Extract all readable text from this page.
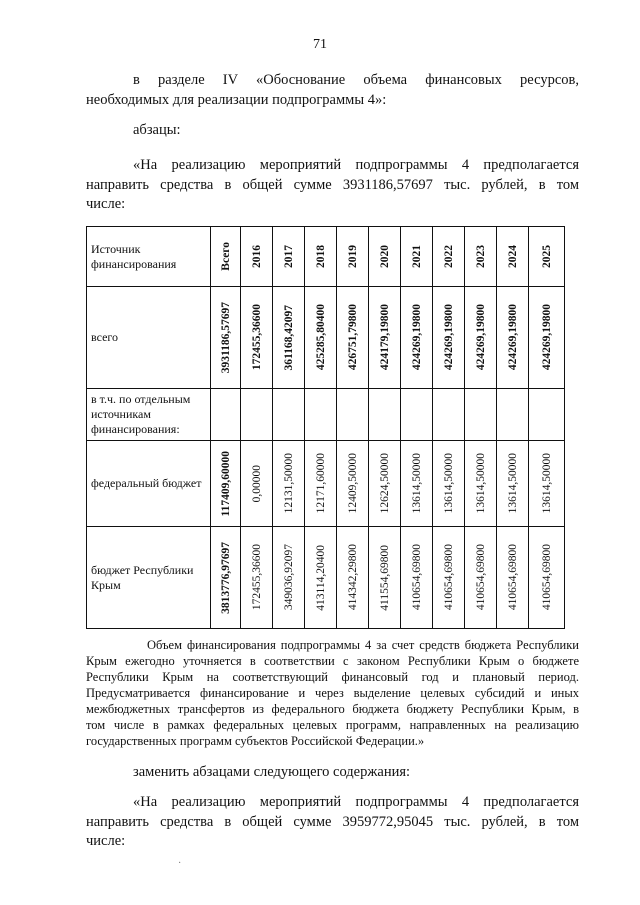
71

в разделе IV «Обоснование объема финансовых ресурсов,

необходимых для реализации подпрограммы 4»:

абзацы:

«На реализацию мероприятий подпрограммы 4 предполагается

направить средства в общей сумме 3931186,57697 тыс. рублей, в том

числе:

Источник финансирования	Всего	2016	2017	2018	2019	2020	2021	2022	2023	2024	2025

всего	3931186,57697	172455,36600	361168,42097	425285,80400	426751,79800	424179,19800	424269,19800	424269,19800	424269,19800	424269,19800	424269,19800

в т.ч. по отдельным источникам финансирования:											
федеральный бюджет	117409,60000	0,00000	12131,50000	12171,60000	12409,50000	12624,50000	13614,50000	13614,50000	13614,50000	13614,50000	13614,50000

бюджет Республики Крым	3813776,97697	172455,36600	349036,92097	413114,20400	414342,29800	411554,69800	410654,69800	410654,69800	410654,69800	410654,69800	410654,69800

Объем финансирования подпрограммы 4 за счет средств бюджета Республики

Крым ежегодно уточняется в соответствии с законом Республики Крым о бюджете

Республики Крым на соответствующий финансовый год и плановый период.

Предусматривается финансирование и через выделение целевых субсидий и иных

межбюджетных трансфертов из федерального бюджета бюджету Республики Крым, в

том числе в рамках федеральных целевых программ, направленных на реализацию

государственных программ субъектов Российской Федерации.»

заменить абзацами следующего содержания:

«На реализацию мероприятий подпрограммы 4 предполагается

направить средства в общей сумме 3959772,95045 тыс. рублей, в том

числе:

·
